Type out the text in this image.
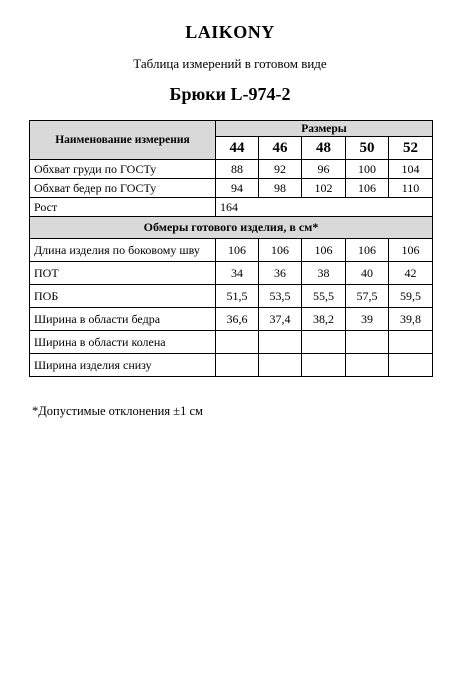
LAIKONY
Таблица измерений в готовом виде
Брюки L-974-2
Наименование измерения	Размеры				
	44	46	48	50	52
Обхват груди по ГОСТу	88	92	96	100	104
Обхват бедер по ГОСТу	94	98	102	106	110
Рост	164				
Обмеры готового изделия, в см*					
Длина изделия по боковому шву	106	106	106	106	106
ПОТ	34	36	38	40	42
ПОБ	51,5	53,5	55,5	57,5	59,5
Ширина в области бедра	36,6	37,4	38,2	39	39,8
Ширина в области колена					
Ширина изделия снизу					
*Допустимые отклонения ±1 см
